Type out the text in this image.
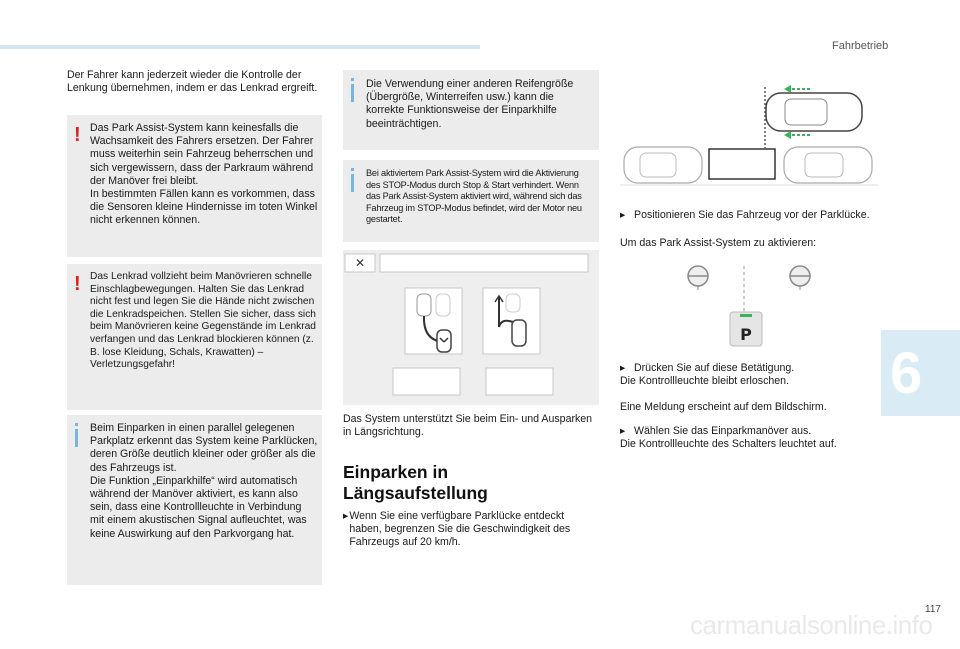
Fahrbetrieb
6
117

Der Fahrer kann jederzeit wieder die Kontrolle der Lenkung übernehmen, indem er das Lenkrad ergreift.

! Das Park Assist-System kann keinesfalls die Wachsamkeit des Fahrers ersetzen. Der Fahrer muss weiterhin sein Fahrzeug beherrschen und sich vergewissern, dass der Parkraum während der Manöver frei bleibt.

In bestimmten Fällen kann es vorkommen, dass die Sensoren kleine Hindernisse im toten Winkel nicht erkennen können.

! Das Lenkrad vollzieht beim Manövrieren schnelle Einschlagbewegungen. Halten Sie das Lenkrad nicht fest und legen Sie die Hände nicht zwischen die Lenkradspeichen. Stellen Sie sicher, dass sich beim Manövrieren keine Gegenstände im Lenkrad verfangen und das Lenkrad blockieren können (z. B. lose Kleidung, Schals, Krawatten) – Verletzungsgefahr!

Beim Einparken in einen parallel gelegenen Parkplatz erkennt das System keine Parklücken, deren Größe deutlich kleiner oder größer als die des Fahrzeugs ist.

Die Funktion „Einparkhilfe“ wird automatisch während der Manöver aktiviert, es kann also sein, dass eine Kontrollleuchte in Verbindung mit einem akustischen Signal aufleuchtet, was keine Auswirkung auf den Parkvorgang hat.

Die Verwendung einer anderen Reifengröße (Übergröße, Winterreifen usw.) kann die korrekte Funktionsweise der Einparkhilfe beeinträchtigen.

Bei aktiviertem Park Assist-System wird die Aktivierung des STOP-Modus durch Stop & Start verhindert. Wenn das Park Assist-System aktiviert wird, während sich das Fahrzeug im STOP-Modus befindet, wird der Motor neu gestartet.

✕

Das System unterstützt Sie beim Ein- und Ausparken in Längsrichtung.

Einparken in
Längsaufstellung
▸ Wenn Sie eine verfügbare Parklücke entdeckt haben, begrenzen Sie die Geschwindigkeit des Fahrzeugs auf 20 km/h.
▸ Positionieren Sie das Fahrzeug vor der Parklücke.

Um das Park Assist-System zu aktivieren:

P
▸ Drücken Sie auf diese Betätigung.

Die Kontrollleuchte bleibt erloschen.

Eine Meldung erscheint auf dem Bildschirm.

▸ Wählen Sie das Einparkmanöver aus.

Die Kontrollleuchte des Schalters leuchtet auf.

carmanualsonline.info
